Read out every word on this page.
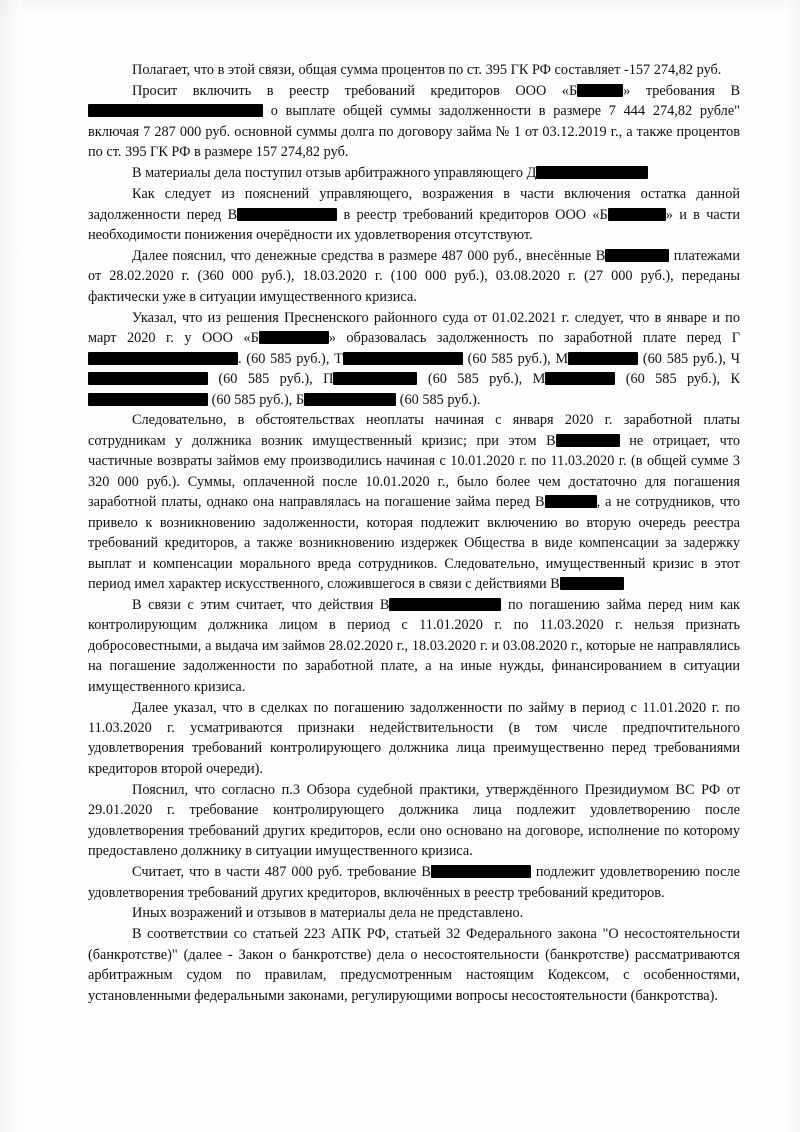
Полагает, что в этой связи, общая сумма процентов по ст. 395 ГК РФ составляет -157 274,82 руб.

Просит включить в реестр требований кредиторов ООО «Б	» требования В о выплате общей суммы задолженности в размере 7 444 274,82 рубле" включая 7 287 000 руб. основной суммы долга по договору займа № 1 от 03.12.2019 г., а также процентов по ст. 395 ГК РФ в размере 157 274,82 руб.

В материалы дела поступил отзыв арбитражного управляющего Д

Как следует из пояснений управляющего, возражения в части включения остатка данной задолженности перед В	в реестр требований кредиторов ООО «Б	» и в части необходимости понижения очерёдности их удовлетворения отсутствуют.

Далее пояснил, что денежные средства в размере 487 000 руб., внесённые В	платежами от 28.02.2020 г. (360 000 руб.), 18.03.2020 г. (100 000 руб.), 03.08.2020 г. (27 000 руб.), переданы фактически уже в ситуации имущественного кризиса.

Указал, что из решения Пресненского районного суда от 01.02.2021 г. следует, что в январе и по март 2020 г. у ООО «Б	» образовалась задолженность по заработной плате перед Г. (60 585 руб.), Т	(60 585 руб.), М	(60 585 руб.), Ч (60 585 руб.), П	(60 585 руб.), М	(60 585 руб.), К (60 585 руб.), Б	(60 585 руб.).

Следовательно, в обстоятельствах неоплаты начиная с января 2020 г. заработной платы сотрудникам у должника возник имущественный кризис; при этом В	не отрицает, что частичные возвраты займов ему производились начиная с 10.01.2020 г. по 11.03.2020 г. (в общей сумме 3 320 000 руб.). Суммы, оплаченной после 10.01.2020 г., было более чем достаточно для погашения заработной платы, однако она направлялась на погашение займа перед В	, а не сотрудников, что привело к возникновению задолженности, которая подлежит включению во вторую очередь реестра требований кредиторов, а также возникновению издержек Общества в виде компенсации за задержку выплат и компенсации морального вреда сотрудников. Следовательно, имущественный кризис в этот период имел характер искусственного, сложившегося в связи с действиями В

В связи с этим считает, что действия В	по погашению займа перед ним как контролирующим должника лицом в период с 11.01.2020 г. по 11.03.2020 г. нельзя признать добросовестными, а выдача им займов 28.02.2020 г., 18.03.2020 г. и 03.08.2020 г., которые не направлялись на погашение задолженности по заработной плате, а на иные нужды, финансированием в ситуации имущественного кризиса.

Далее указал, что в сделках по погашению задолженности по займу в период с 11.01.2020 г. по 11.03.2020 г. усматриваются признаки недействительности (в том числе предпочтительного удовлетворения требований контролирующего должника лица преимущественно перед требованиями кредиторов второй очереди).

Пояснил, что согласно п.3 Обзора судебной практики, утверждённого Президиумом ВС РФ от 29.01.2020 г. требование контролирующего должника лица подлежит удовлетворению после удовлетворения требований других кредиторов, если оно основано на договоре, исполнение по которому предоставлено должнику в ситуации имущественного кризиса.

Считает, что в части 487 000 руб. требование В	подлежит удовлетворению после удовлетворения требований других кредиторов, включённых в реестр требований кредиторов.

Иных возражений и отзывов в материалы дела не представлено.

В соответствии со статьей 223 АПК РФ, статьей 32 Федерального закона "О несостоятельности (банкротстве)" (далее - Закон о банкротстве) дела о несостоятельности (банкротстве) рассматриваются арбитражным судом по правилам, предусмотренным настоящим Кодексом, с особенностями, установленными федеральными законами, регулирующими вопросы несостоятельности (банкротства).
